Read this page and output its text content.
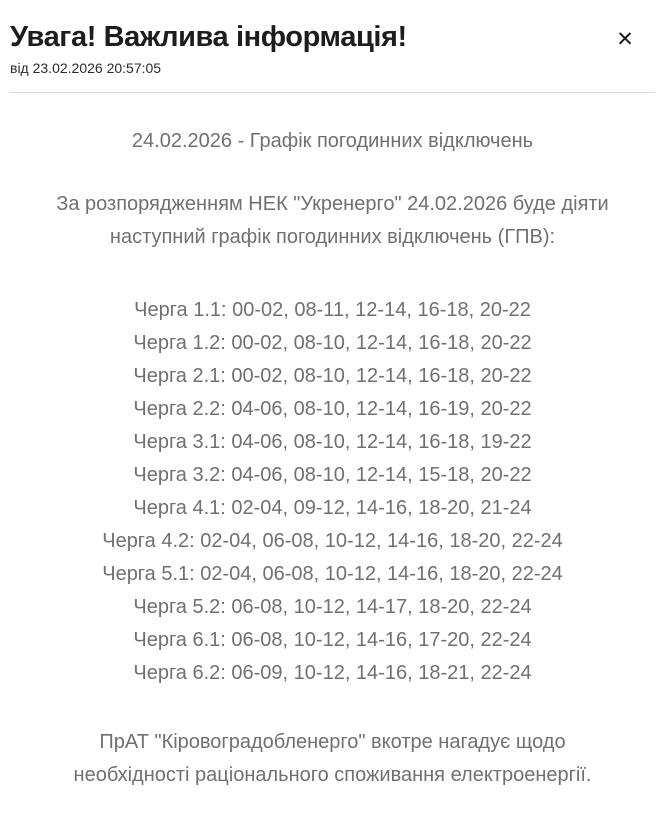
Увага! Важлива інформація!
від 23.02.2026 20:57:05
✕
24.02.2026 - Графік погодинних відключень
За розпорядженням НЕК "Укренерго" 24.02.2026 буде діяти наступний графік погодинних відключень (ГПВ):
Черга 1.1: 00-02, 08-11, 12-14, 16-18, 20-22
Черга 1.2: 00-02, 08-10, 12-14, 16-18, 20-22
Черга 2.1: 00-02, 08-10, 12-14, 16-18, 20-22
Черга 2.2: 04-06, 08-10, 12-14, 16-19, 20-22
Черга 3.1: 04-06, 08-10, 12-14, 16-18, 19-22
Черга 3.2: 04-06, 08-10, 12-14, 15-18, 20-22
Черга 4.1: 02-04, 09-12, 14-16, 18-20, 21-24
Черга 4.2: 02-04, 06-08, 10-12, 14-16, 18-20, 22-24
Черга 5.1: 02-04, 06-08, 10-12, 14-16, 18-20, 22-24
Черга 5.2: 06-08, 10-12, 14-17, 18-20, 22-24
Черга 6.1: 06-08, 10-12, 14-16, 17-20, 22-24
Черга 6.2: 06-09, 10-12, 14-16, 18-21, 22-24
ПрАТ "Кіровоградобленерго" вкотре нагадує щодо необхідності раціонального споживання електроенергії.
